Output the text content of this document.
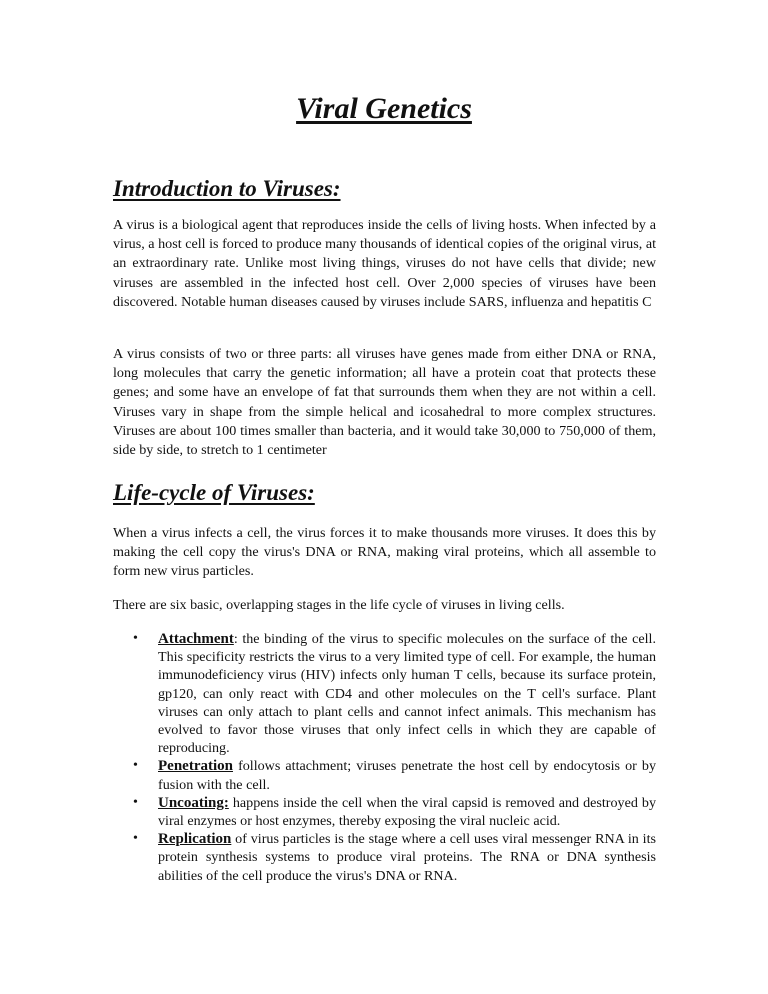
Viral Genetics
Introduction to Viruses:

A virus is a biological agent that reproduces inside the cells of living hosts. When infected by a virus, a host cell is forced to produce many thousands of identical copies of the original virus, at an extraordinary rate. Unlike most living things, viruses do not have cells that divide; new viruses are assembled in the infected host cell. Over 2,000 species of viruses have been discovered. Notable human diseases caused by viruses include SARS, influenza and hepatitis C

A virus consists of two or three parts: all viruses have genes made from either DNA or RNA, long molecules that carry the genetic information; all have a protein coat that protects these genes; and some have an envelope of fat that surrounds them when they are not within a cell. Viruses vary in shape from the simple helical and icosahedral to more complex structures. Viruses are about 100 times smaller than bacteria, and it would take 30,000 to 750,000 of them, side by side, to stretch to 1 centimeter

Life-cycle of Viruses:

When a virus infects a cell, the virus forces it to make thousands more viruses. It does this by making the cell copy the virus's DNA or RNA, making viral proteins, which all assemble to form new virus particles.

There are six basic, overlapping stages in the life cycle of viruses in living cells.

• Attachment: the binding of the virus to specific molecules on the surface of the cell. This specificity restricts the virus to a very limited type of cell. For example, the human immunodeficiency virus (HIV) infects only human T cells, because its surface protein, gp120, can only react with CD4 and other molecules on the T cell's surface. Plant viruses can only attach to plant cells and cannot infect animals. This mechanism has evolved to favor those viruses that only infect cells in which they are capable of reproducing.
• Penetration follows attachment; viruses penetrate the host cell by endocytosis or by fusion with the cell.
• Uncoating: happens inside the cell when the viral capsid is removed and destroyed by viral enzymes or host enzymes, thereby exposing the viral nucleic acid.
• Replication of virus particles is the stage where a cell uses viral messenger RNA in its protein synthesis systems to produce viral proteins. The RNA or DNA synthesis abilities of the cell produce the virus's DNA or RNA.
